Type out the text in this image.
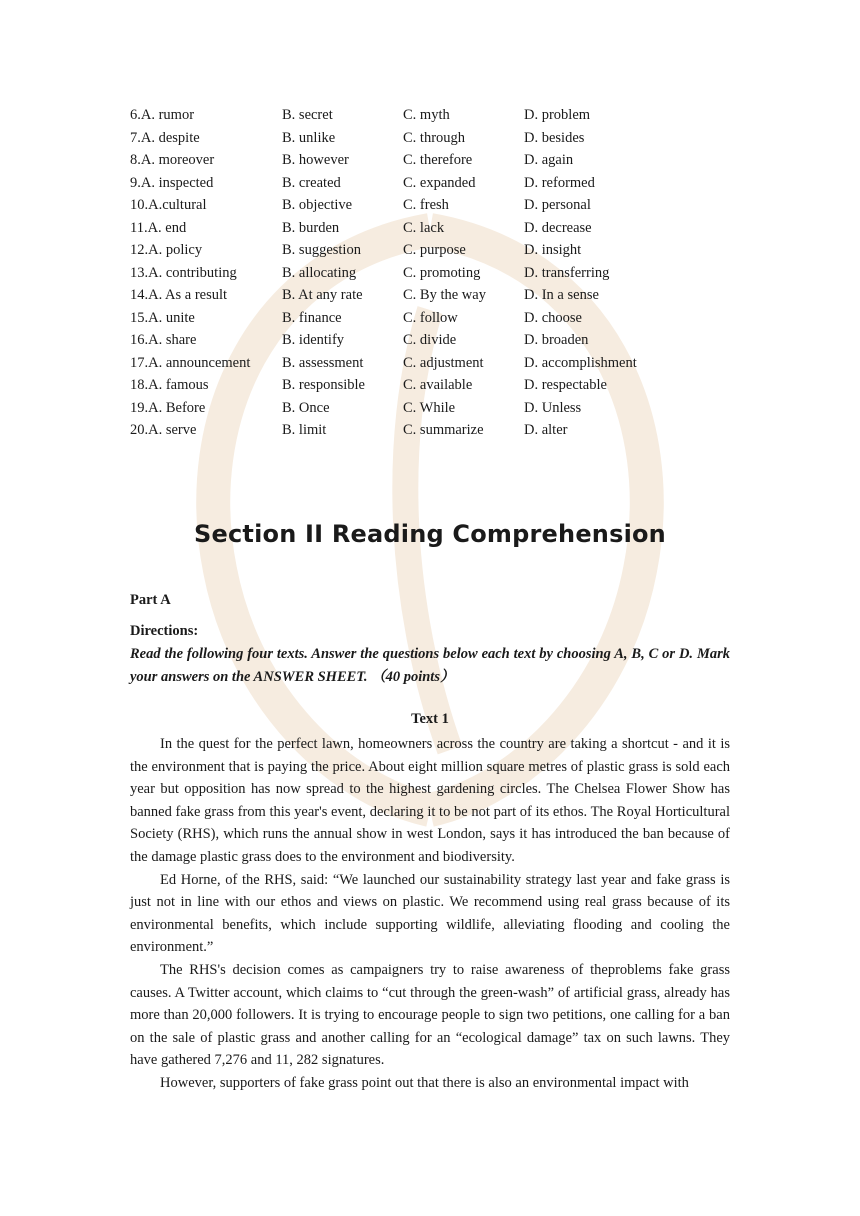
6.A. rumor	B. secret	C. myth	D. problem
7.A. despite	B. unlike	C. through	D. besides
8.A. moreover	B. however	C. therefore	D. again
9.A. inspected	B. created	C. expanded	D. reformed
10.A.cultural	B. objective	C. fresh	D. personal
11.A. end	B. burden	C. lack	D. decrease
12.A. policy	B. suggestion	C. purpose	D. insight
13.A. contributing	B. allocating	C. promoting	D. transferring
14.A. As a result	B. At any rate	C. By the way	D. In a sense
15.A. unite	B. finance	C. follow	D. choose
16.A. share	B. identify	C. divide	D. broaden
17.A. announcement B. assessment	C. adjustment	D. accomplishment
18.A. famous	B. responsible	C. available	D. respectable
19.A. Before	B. Once	C. While	D. Unless
20.A. serve	B. limit	C. summarize	D. alter
Section II Reading Comprehension
Part A
Directions:
Read the following four texts. Answer the questions below each text by choosing A, B, C or D. Mark your answers on the ANSWER SHEET. （40 points）
Text 1

In the quest for the perfect lawn, homeowners across the country are taking a shortcut - and it is the environment that is paying the price. About eight million square metres of plastic grass is sold each year but opposition has now spread to the highest gardening circles. The Chelsea Flower Show has banned fake grass from this year's event, declaring it to be not part of its ethos. The Royal Horticultural Society (RHS), which runs the annual show in west London, says it has introduced the ban because of the damage plastic grass does to the environment and biodiversity.

Ed Horne, of the RHS, said: “We launched our sustainability strategy last year and fake grass is just not in line with our ethos and views on plastic. We recommend using real grass because of its environmental benefits, which include supporting wildlife, alleviating flooding and cooling the environment.”

The RHS's decision comes as campaigners try to raise awareness of theproblems fake grass causes. A Twitter account, which claims to “cut through the green-wash” of artificial grass, already has more than 20,000 followers. It is trying to encourage people to sign two petitions, one calling for a ban on the sale of plastic grass and another calling for an “ecological damage” tax on such lawns. They have gathered 7,276 and 11, 282 signatures.

However, supporters of fake grass point out that there is also an environmental impact with
